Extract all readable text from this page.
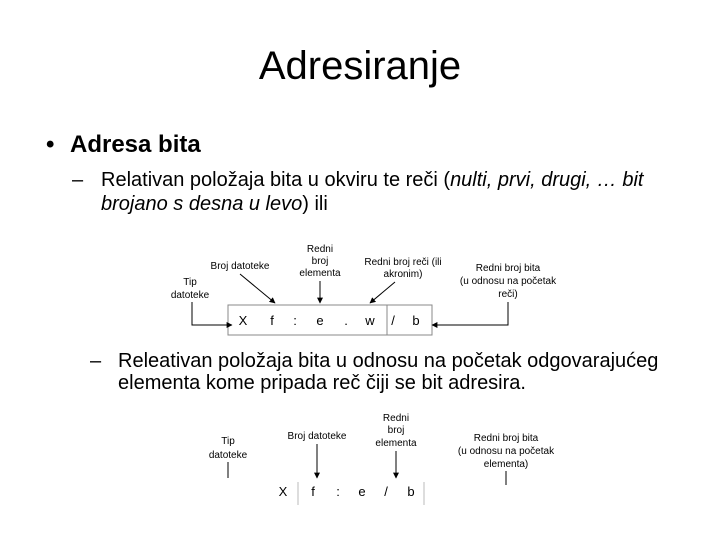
Adresiranje
• Adresa bita
– Relativan položaja bita u okviru te reči (nulti, prvi, drugi, … bit brojano s desna u levo) ili
– Releativan položaja bita u odnosu na početak odgovarajućeg elementa kome pripada reč čiji se bit adresira.
X f : e . w / b
Tip
datoteke
Broj datoteke
Redni
broj
elementa
Redni broj reči (ili
akronim)
Redni broj bita
(u odnosu na početak
reči)
X f : e / b
Tip
datoteke
Broj datoteke
Redni
broj
elementa	Redni broj bita
(u odnosu na početak
elementa)
